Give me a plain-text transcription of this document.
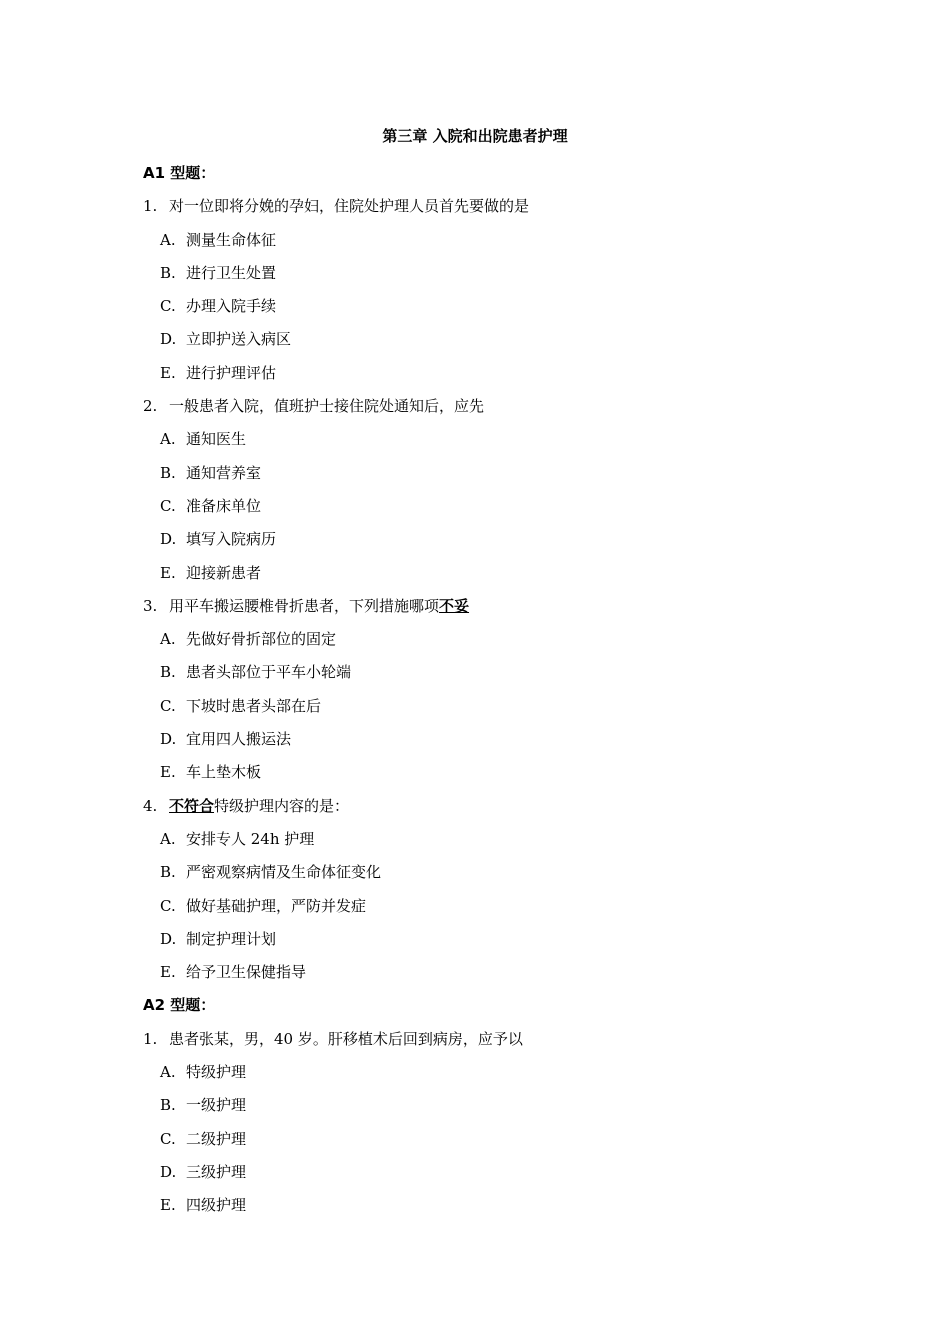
第三章 入院和出院患者护理
A1 型题：
1. 对一位即将分娩的孕妇，住院处护理人员首先要做的是
A. 测量生命体征
B. 进行卫生处置
C. 办理入院手续
D. 立即护送入病区
E. 进行护理评估
2. 一般患者入院，值班护士接住院处通知后，应先
A. 通知医生
B. 通知营养室
C. 准备床单位
D. 填写入院病历
E. 迎接新患者
3. 用平车搬运腰椎骨折患者，下列措施哪项不妥
A. 先做好骨折部位的固定
B. 患者头部位于平车小轮端
C. 下坡时患者头部在后
D. 宜用四人搬运法
E. 车上垫木板
4. 不符合特级护理内容的是：
A. 安排专人 24h 护理
B. 严密观察病情及生命体征变化
C. 做好基础护理，严防并发症
D. 制定护理计划
E. 给予卫生保健指导
A2 型题：
1. 患者张某，男，40 岁。肝移植术后回到病房，应予以
A. 特级护理
B. 一级护理
C. 二级护理
D. 三级护理
E. 四级护理
